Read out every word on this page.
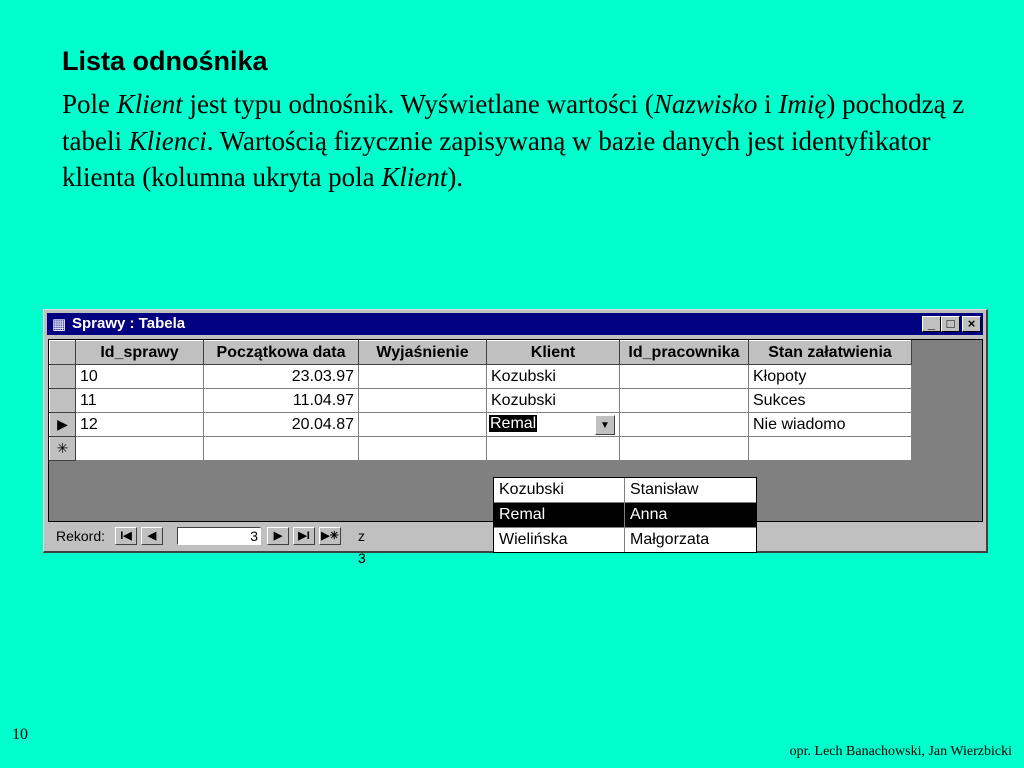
Lista odnośnika
Pole Klient jest typu odnośnik. Wyświetlane wartości (Nazwisko i Imię) pochodzą z tabeli Klienci. Wartością fizycznie zapisywaną w bazie danych jest identyfikator klienta (kolumna ukryta pola Klient).
▦ Sprawy : Tabela	_ □	×
	Id_sprawy	Początkowa data	Wyjaśnienie	Klient	Id_pracownika	Stan załatwienia
	10	23.03.97		Kozubski		Kłopoty
	11	11.04.97		Kozubski		Sukces
▶	12	20.04.87		Remal ▼		Nie wiadomo
✳						
Kozubski	Stanisław
Remal	Anna
Wielińska	Małgorzata
Rekord:	I◀	◀	3	▶	▶I	▶✳ z 3
10
opr. Lech Banachowski, Jan Wierzbicki
